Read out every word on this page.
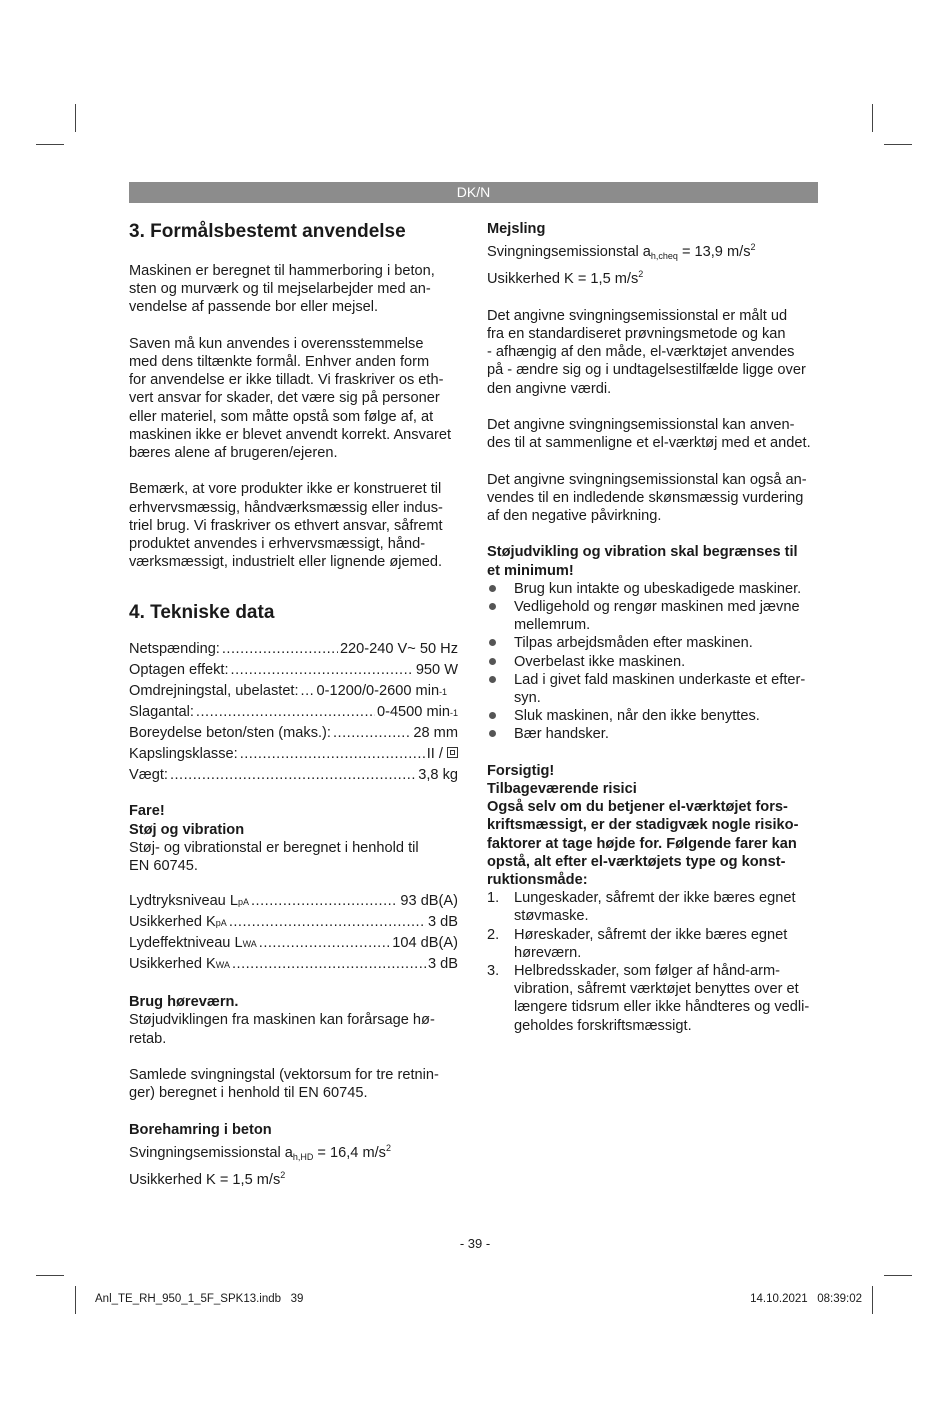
DK/N
3. Formålsbestemt anvendelse

Maskinen er beregnet til hammerboring i beton,
sten og murværk og til mejselarbejder med an-
vendelse af passende bor eller mejsel.

Saven må kun anvendes i overensstemmelse
med dens tiltænkte formål. Enhver anden form
for anvendelse er ikke tilladt. Vi fraskriver os eth-
vert ansvar for skader, det være sig på personer
eller materiel, som måtte opstå som følge af, at
maskinen ikke er blevet anvendt korrekt. Ansvaret
bæres alene af brugeren/ejeren.

Bemærk, at vore produkter ikke er konstrueret til
erhvervsmæssig, håndværksmæssig eller indus-
triel brug. Vi fraskriver os ethvert ansvar, såfremt
produktet anvendes i erhvervsmæssigt, hånd-
værksmæssigt, industrielt eller lignende øjemed.

4. Tekniske data
Netspænding: .....	220-240 V~ 50 Hz
Optagen effekt: .....	950 W
Omdrejningstal, ubelastet: ..... 0-1200/0-2600 min -1
Slagantal: .....	0-4500 min -1
Boreydelse beton/sten (maks.): .....	28 mm
Kapslingsklasse: .....	II /

Vægt: .....	3,8 kg

Fare!

Støj og vibration

Støj- og vibrationstal er beregnet i henhold til
EN 60745.

Lydtryksniveau L pA .....	93 dB(A)
Usikkerhed K pA .....	3 dB
Lydeffektniveau L WA .....	104 dB(A)
Usikkerhed K WA .....	3 dB

Brug høreværn.

Støjudviklingen fra maskinen kan forårsage hø-
retab.

Samlede svingningstal (vektorsum for tre retnin-
ger) beregnet i henhold til EN 60745.

Borehamring i beton

Svingningsemissionstal $a_{h,HD} = 16,4$ $m/s^2$
Usikkerhed K = 1,5 $m/s^2$

Mejsling

Svingningsemissionstal $a_{h,cheq} = 13,9$ $m/s^2$
Usikkerhed K = 1,5 $m/s^2$

Det angivne svingningsemissionstal er målt ud
fra en standardiseret prøvningsmetode og kan
- afhængig af den måde, el-værktøjet anvendes
på - ændre sig og i undtagelsestilfælde ligge over
den angivne værdi.

Det angivne svingningsemissionstal kan anven-
des til at sammenligne et el-værktøj med et andet.

Det angivne svingningsemissionstal kan også an-
vendes til en indledende skønsmæssig vurdering
af den negative påvirkning.

Støjudvikling og vibration skal begrænses til
et minimum!

Brug kun intakte og ubeskadigede maskiner.
Vedligehold og rengør maskinen med jævne
mellemrum.
Tilpas arbejdsmåden efter maskinen.
Overbelast ikke maskinen.
Lad i givet fald maskinen underkaste et efter-
syn.
Sluk maskinen, når den ikke benyttes.
Bær handsker.

Forsigtig!

Tilbageværende risici

Også selv om du betjener el-værktøjet fors-
kriftsmæssigt, er der stadigvæk nogle risiko-
faktorer at tage højde for. Følgende farer kan
opstå, alt efter el-værktøjets type og konst-
ruktionsmåde:

1. Lungeskader, såfremt der ikke bæres egnet
støvmaske.
2. Høreskader, såfremt der ikke bæres egnet
høreværn.
3. Helbredsskader, som følger af hånd-arm-
vibration, såfremt værktøjet benyttes over et
længere tidsrum eller ikke håndteres og vedli-
geholdes forskriftsmæssigt.
- 39 -
Anl_TE_RH_950_1_5F_SPK13.indb   39	14.10.2021   08:39:02
